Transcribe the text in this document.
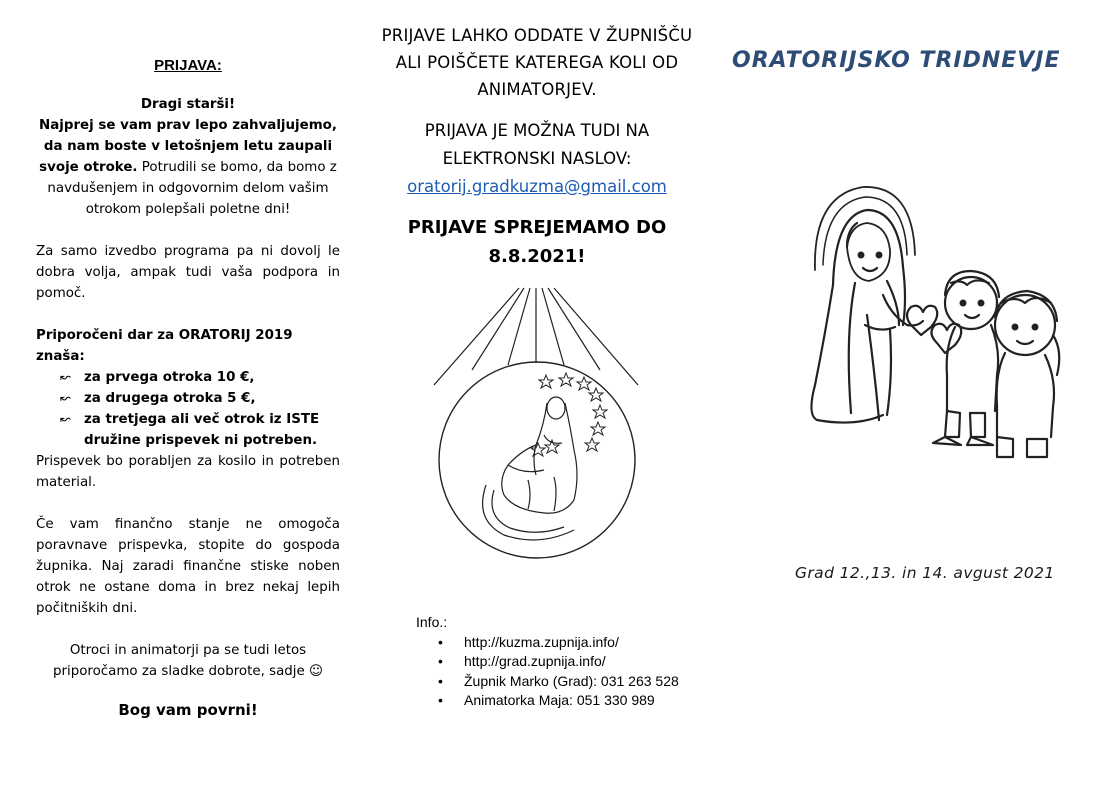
PRIJAVA:
Dragi starši!
Najprej se vam prav lepo zahvaljujemo, da nam boste v letošnjem letu zaupali svoje otroke. Potrudili se bomo, da bomo z navdušenjem in odgovornim delom vašim otrokom polepšali poletne dni!
Za samo izvedbo programa pa ni dovolj le dobra volja, ampak tudi vaša podpora in pomoč.
Priporočeni dar za ORATORIJ 2019 znaša:
↜ za prvega otroka 10 €,
↜ za drugega otroka 5 €,
↜ za tretjega ali več otrok iz ISTE družine prispevek ni potreben.
Prispevek bo porabljen za kosilo in potreben material.
Če vam finančno stanje ne omogoča poravnave prispevka, stopite do gospoda župnika. Naj zaradi finančne stiske noben otrok ne ostane doma in brez nekaj lepih počitniških dni.
Otroci in animatorji pa se tudi letos priporočamo za sladke dobrote, sadje ☺
Bog vam povrni!
PRIJAVE LAHKO ODDATE V ŽUPNIŠČU ALI POIŠČETE KATEREGA KOLI OD ANIMATORJEV.
PRIJAVA JE MOŽNA TUDI NA ELEKTRONSKI NASLOV:
oratorij.gradkuzma@gmail.com
PRIJAVE SPREJEMAMO DO 8.8.2021!
Info.:
• http://kuzma.zupnija.info/
• http://grad.zupnija.info/
• Župnik Marko (Grad): 031 263 528
• Animatorka Maja: 051 330 989
ORATORIJSKO TRIDNEVJE
Grad 12.,13. in 14. avgust 2021
